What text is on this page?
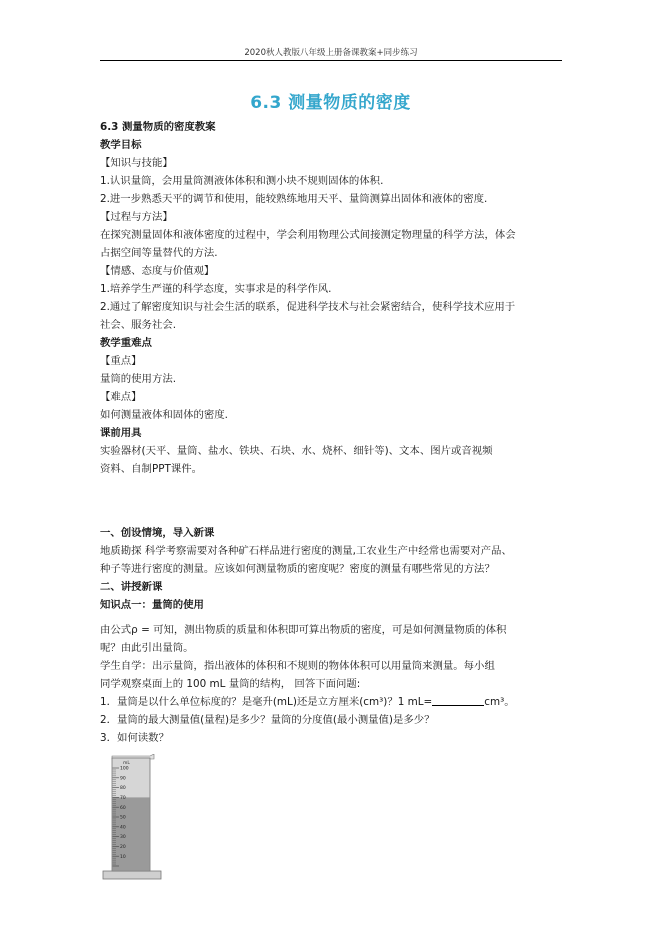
2020秋人教版八年级上册备课教案+同步练习
6.3 测量物质的密度

6.3 测量物质的密度教案

教学目标

【知识与技能】

1.认识量筒，会用量筒测液体体积和测小块不规则固体的体积.

2.进一步熟悉天平的调节和使用，能较熟练地用天平、量筒测算出固体和液体的密度.

【过程与方法】

在探究测量固体和液体密度的过程中，学会利用物理公式间接测定物理量的科学方法，体会

占据空间等量替代的方法.

【情感、态度与价值观】

1.培养学生严谨的科学态度，实事求是的科学作风.

2.通过了解密度知识与社会生活的联系，促进科学技术与社会紧密结合，使科学技术应用于

社会、服务社会.

教学重难点

【重点】

量筒的使用方法.

【难点】

如何测量液体和固体的密度.

课前用具

实验器材(天平、量筒、盐水、铁块、石块、水、烧杯、细针等)、文本、图片或音视频

资料、自制PPT课件。

一、创设情境，导入新课

地质勘探 科学考察需要对各种矿石样品进行密度的测量,工农业生产中经常也需要对产品、

种子等进行密度的测量。应该如何测量物质的密度呢？密度的测量有哪些常见的方法？

二、讲授新课

知识点一：量筒的使用

由公式ρ = 可知，测出物质的质量和体积即可算出物质的密度，可是如何测量物质的体积

呢？由此引出量筒。

学生自学：出示量筒，指出液体的体积和不规则的物体体积可以用量筒来测量。每小组

同学观察桌面上的 100 mL 量筒的结构， 回答下面问题:

1．量筒是以什么单位标度的？是毫升(mL)还是立方厘米(cm³)？1 mL=	cm³。

2．量筒的最大测量值(量程)是多少？量筒的分度值(最小测量值)是多少？

3．如何读数？

mL
100
90
80
70
60
50
40
30
20
10
